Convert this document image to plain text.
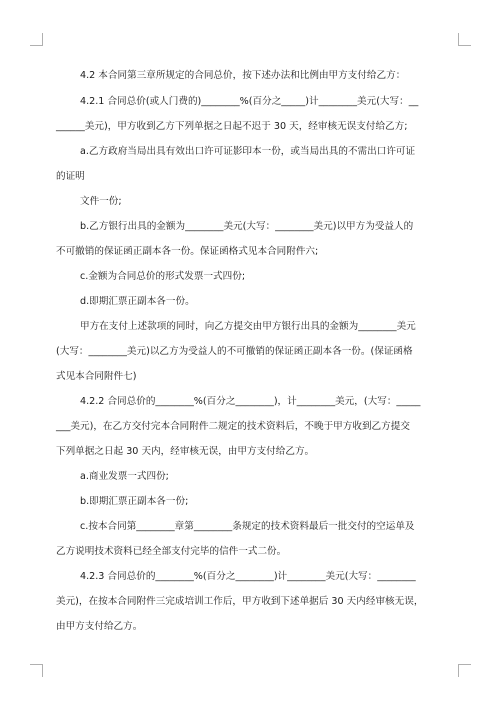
4.2 本合同第三章所规定的合同总价，按下述办法和比例由甲方支付给乙方：

4.2.1 合同总价(或人门费的)________%(百分之_____)计________美元(大写：__

______美元)，甲方收到乙方下列单据之日起不迟于 30 天，经审核无误支付给乙方;

a.乙方政府当局出具有效出口许可证影印本一份，或当局出具的不需出口许可证

的证明

文件一份;

b.乙方银行出具的金额为________美元(大写：________美元)以甲方为受益人的

不可撤销的保证函正副本各一份。保证函格式见本合同附件六;

c.金额为合同总价的形式发票一式四份;

d.即期汇票正副本各一份。

甲方在支付上述款项的同时，向乙方提交由甲方银行出具的金额为________美元

(大写：________美元)以乙方为受益人的不可撤销的保证函正副本各一份。(保证函格

式见本合同附件七)

4.2.2 合同总价的________%(百分之________)，计________美元，(大写：_____

___美元)，在乙方交付完本合同附件二规定的技术资料后，不晚于甲方收到乙方提交

下列单据之日起 30 天内，经审核无误，由甲方支付给乙方。

a.商业发票一式四份;

b.即期汇票正副本各一份;

c.按本合同第________章第________条规定的技术资料最后一批交付的空运单及

乙方说明技术资料已经全部支付完毕的信件一式二份。

4.2.3 合同总价的________%(百分之________)计________美元(大写：________

美元)，在按本合同附件三完成培训工作后，甲方收到下述单据后 30 天内经审核无误，

由甲方支付给乙方。
